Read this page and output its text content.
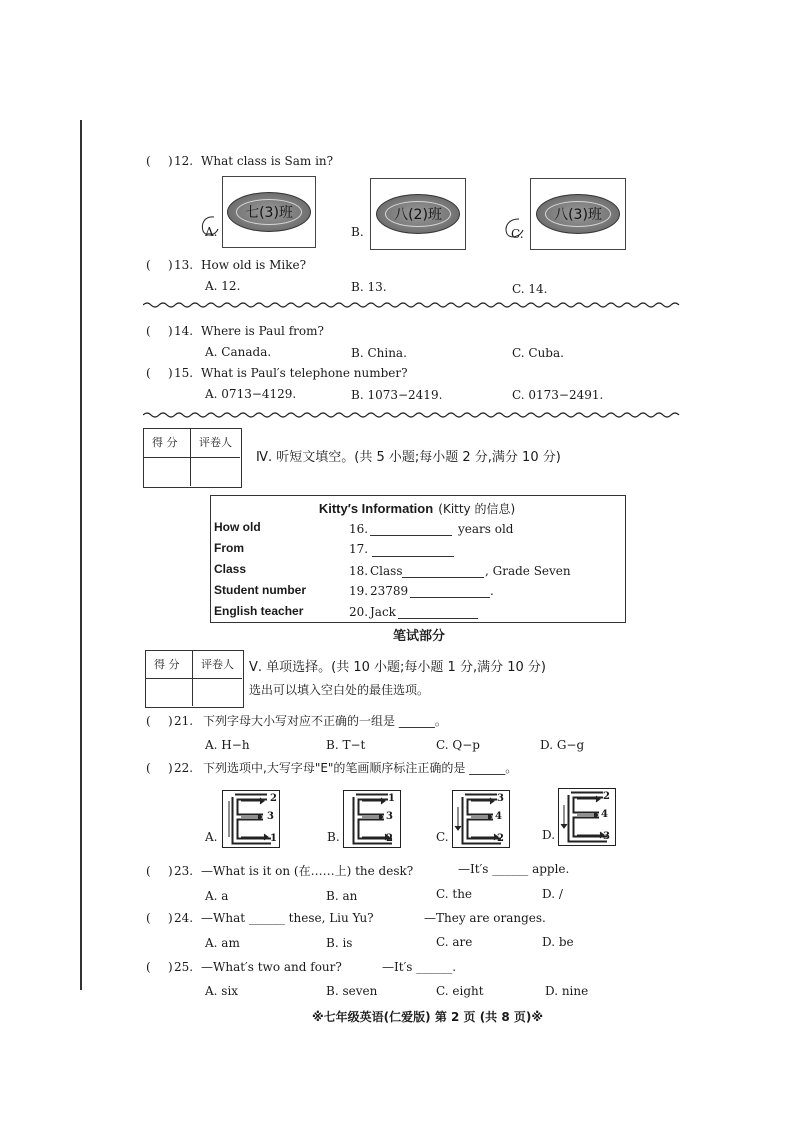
( 12. What class is Sam in?
七(3)班
A.
八(2)班
B.
八(3)班
C.
( 13. How old is Mike?
A. 12.	B. 13.	C. 14.
( 14. Where is Paul from?
A. Canada.	B. China.	C. Cuba.
( 15. What is Paul′s telephone number?
A. 0713−4129.	B. 1073−2419.	C. 0173−2491.
得 分 评卷人
Ⅳ. 听短文填空。(共 5 小题;每小题 2 分,满分 10 分)
Kitty′s Information (Kitty 的信息)
How old	16.	years old
From	17.
Class	18. Class	, Grade Seven
Student number	19. 23789	.
English teacher	20. Jack
笔试部分
得 分 评卷人 Ⅴ. 单项选择。(共 10 小题;每小题 1 分,满分 10 分)
选出可以填入空白处的最佳选项。
( 21. 下列字母大小写对应不正确的一组是 ______。
A. H−h	B. T−t	C. Q−p	D. G−g
( 22. 下列选项中,大写字母"E"的笔画顺序标注正确的是 ______。
A.
2
3
1	B.
1
3
2	C.
3
4
2	D.
2
4
3
( 23. —What is it on (在……上) the desk?	—It′s ______ apple.
A. a	B. an	C. the	D. /
( 24. —What ______ these, Liu Yu?	—They are oranges.
A. am	B. is	C. are	D. be
( 25. —What′s two and four?	—It′s ______.
A. six	B. seven	C. eight	D. nine
)
)
)
)
)
)
)
)
)
※七年级英语(仁爱版) 第 2 页 (共 8 页)※
